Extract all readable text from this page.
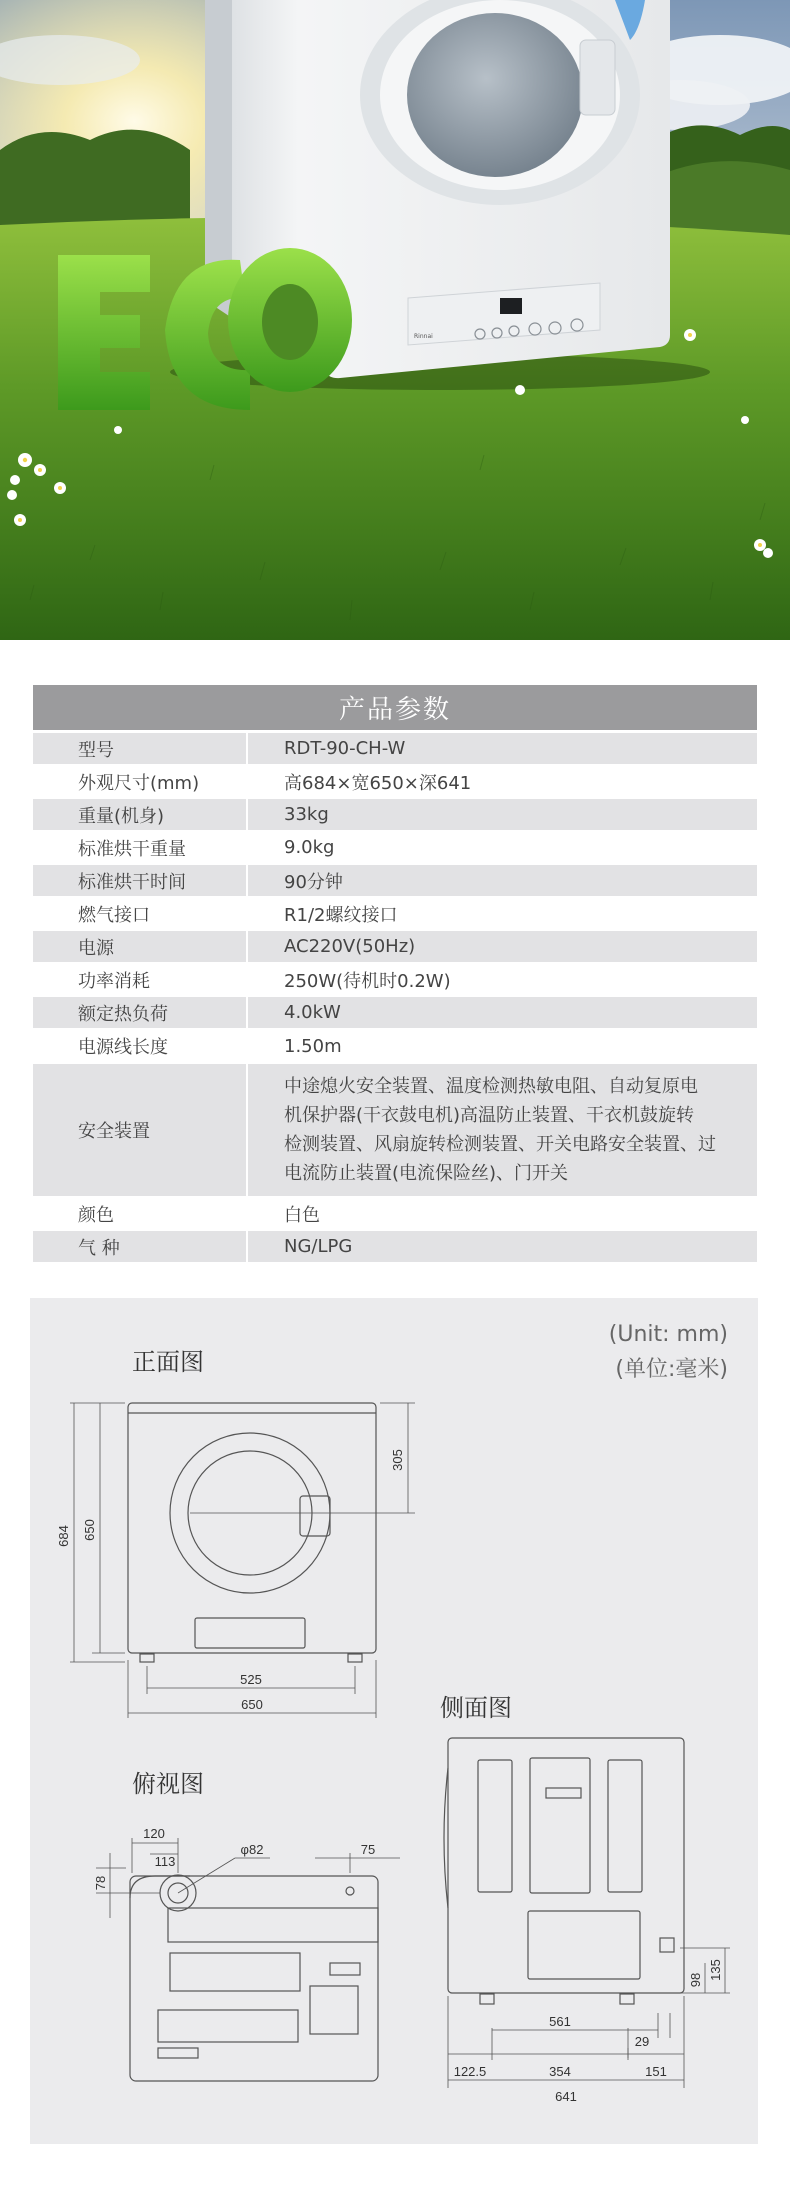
Rinnai
产品参数
型号	RDT-90-CH-W
外观尺寸(mm)	高684×宽650×深641
重量(机身)	33kg
标准烘干重量	9.0kg
标准烘干时间	90分钟
燃气接口	R1/2螺纹接口
电源	AC220V(50Hz)
功率消耗	250W(待机时0.2W)
额定热负荷	4.0kW
电源线长度	1.50m
安全装置
中途熄火安全装置、温度检测热敏电阻、自动复原电
机保护器(干衣鼓电机)高温防止装置、干衣机鼓旋转
检测装置、风扇旋转检测装置、开关电路安全装置、过
电流防止装置(电流保险丝)、门开关
颜色	白色
气 种	NG/LPG
(Unit: mm)
(单位:毫米)
正面图
俯视图
侧面图
684 650
305
525
650
120
113
φ82	75
78
561
29
122.5	354	151
641
98 135
